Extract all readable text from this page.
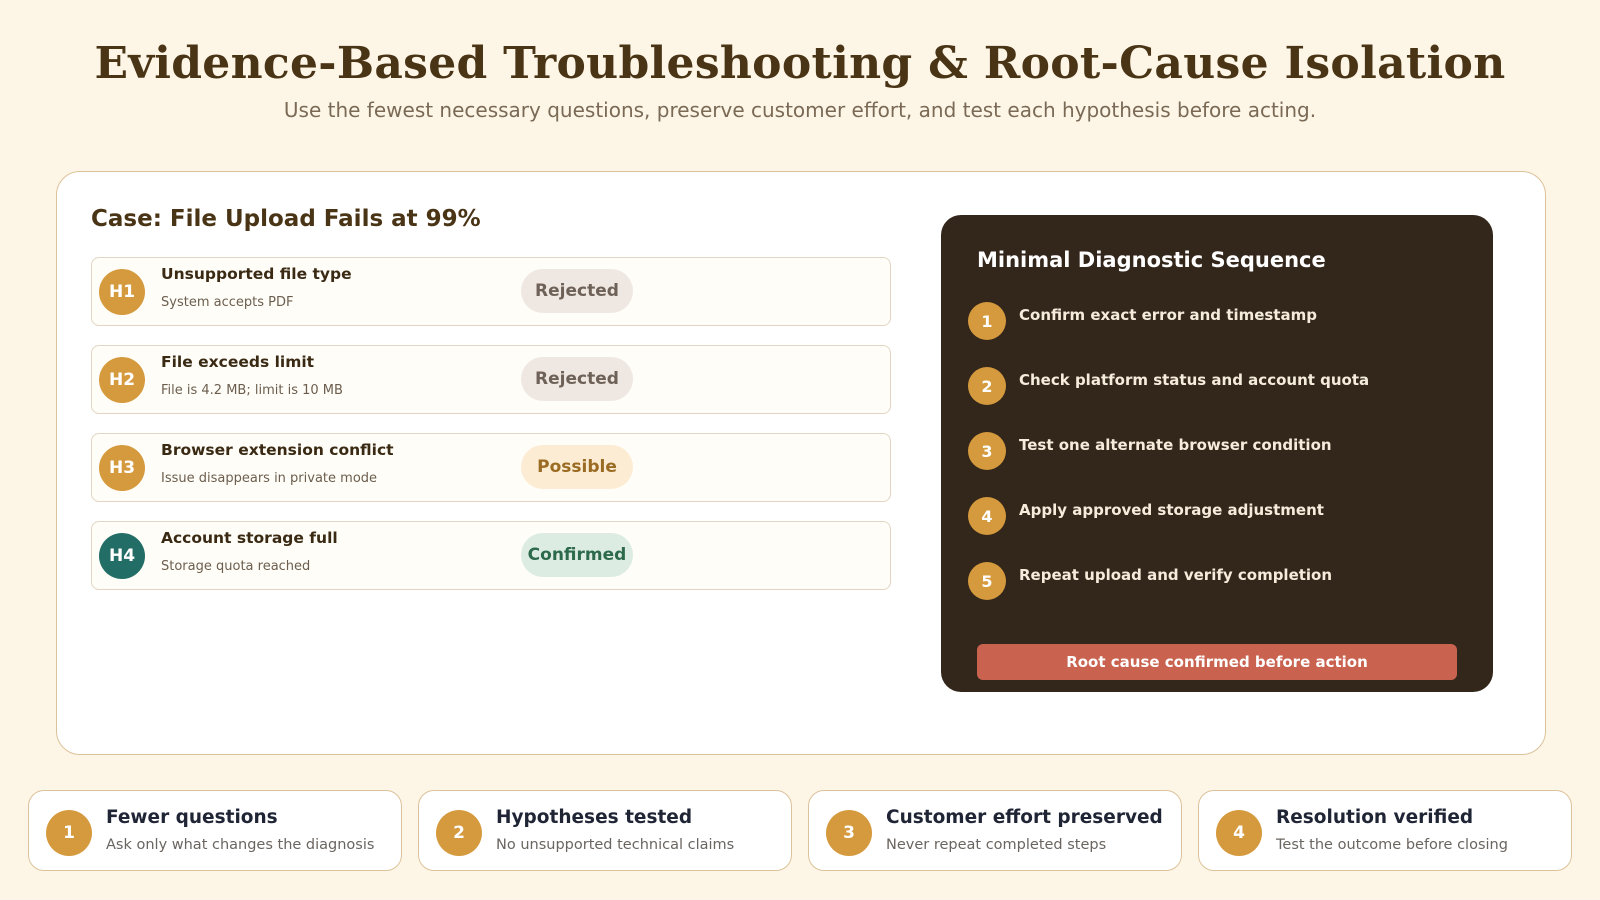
Evidence-Based Troubleshooting & Root-Cause Isolation
Use the fewest necessary questions, preserve customer effort, and test each hypothesis before acting.
Case: File Upload Fails at 99%
H1
Unsupported file type
System accepts PDF
Rejected
H2
File exceeds limit
File is 4.2 MB; limit is 10 MB
Rejected
H3
Browser extension conflict
Issue disappears in private mode
Possible
H4
Account storage full
Storage quota reached
Confirmed
Minimal Diagnostic Sequence
1	Confirm exact error and timestamp
2	Check platform status and account quota
3	Test one alternate browser condition
4	Apply approved storage adjustment
5	Repeat upload and verify completion
Root cause confirmed before action
1
Fewer questions
Ask only what changes the diagnosis
2
Hypotheses tested
No unsupported technical claims
3
Customer effort preserved
Never repeat completed steps
4
Resolution verified
Test the outcome before closing
